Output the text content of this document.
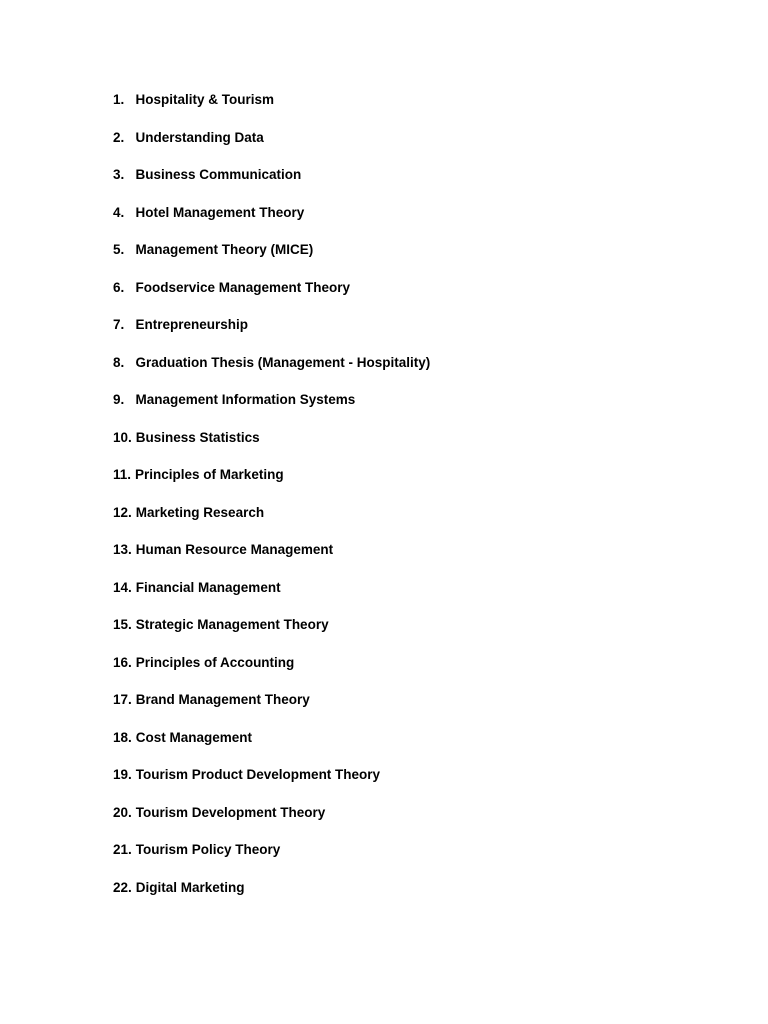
1. Hospitality & Tourism
2. Understanding Data
3. Business Communication
4. Hotel Management Theory
5. Management Theory (MICE)
6. Foodservice Management Theory
7. Entrepreneurship
8. Graduation Thesis (Management - Hospitality)
9. Management Information Systems
10. Business Statistics
11. Principles of Marketing
12. Marketing Research
13. Human Resource Management
14. Financial Management
15. Strategic Management Theory
16. Principles of Accounting
17. Brand Management Theory
18. Cost Management
19. Tourism Product Development Theory
20. Tourism Development Theory
21. Tourism Policy Theory
22. Digital Marketing
